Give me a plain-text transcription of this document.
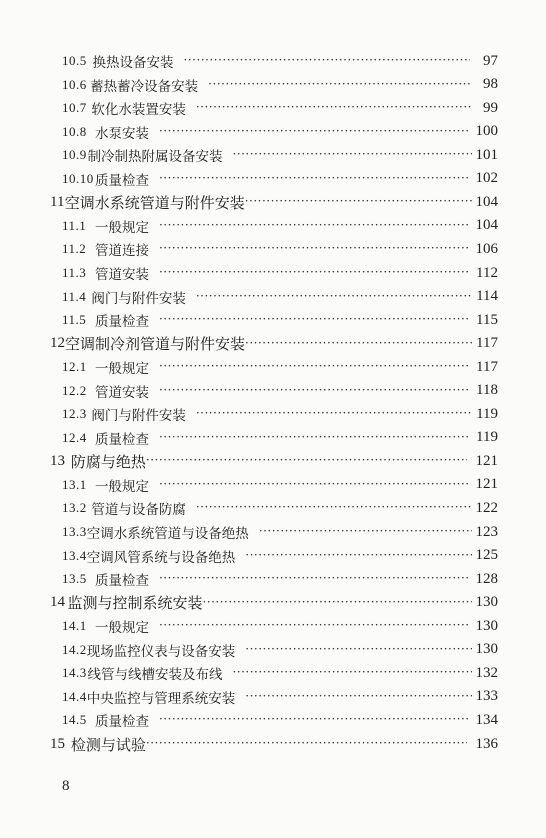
10.5 换热设备安装 ·····	97
10.6 蓄热蓄冷设备安装 ·····	98
10.7 软化水装置安装 ·····	99
10.8 水泵安装 ·····	100
10.9 制冷制热附属设备安装 ·····	101
10.10 质量检查 ·····	102
11 空调水系统管道与附件安装 ·····	104
11.1 一般规定 ·····	104
11.2 管道连接 ·····	106
11.3 管道安装 ·····	112
11.4 阀门与附件安装 ·····	114
11.5 质量检查 ·····	115
12 空调制冷剂管道与附件安装 ·····	117
12.1 一般规定 ·····	117
12.2 管道安装 ·····	118
12.3 阀门与附件安装 ·····	119
12.4 质量检查 ·····	119
13 防腐与绝热 ·····	121
13.1 一般规定 ·····	121
13.2 管道与设备防腐 ·····	122
13.3 空调水系统管道与设备绝热 ·····	123
13.4 空调风管系统与设备绝热 ·····	125
13.5 质量检查 ·····	128
14 监测与控制系统安装 ·····	130
14.1 一般规定 ·····	130
14.2 现场监控仪表与设备安装 ·····	130
14.3 线管与线槽安装及布线 ·····	132
14.4 中央监控与管理系统安装 ·····	133
14.5 质量检查 ·····	134
15 检测与试验 ·····	136
8
